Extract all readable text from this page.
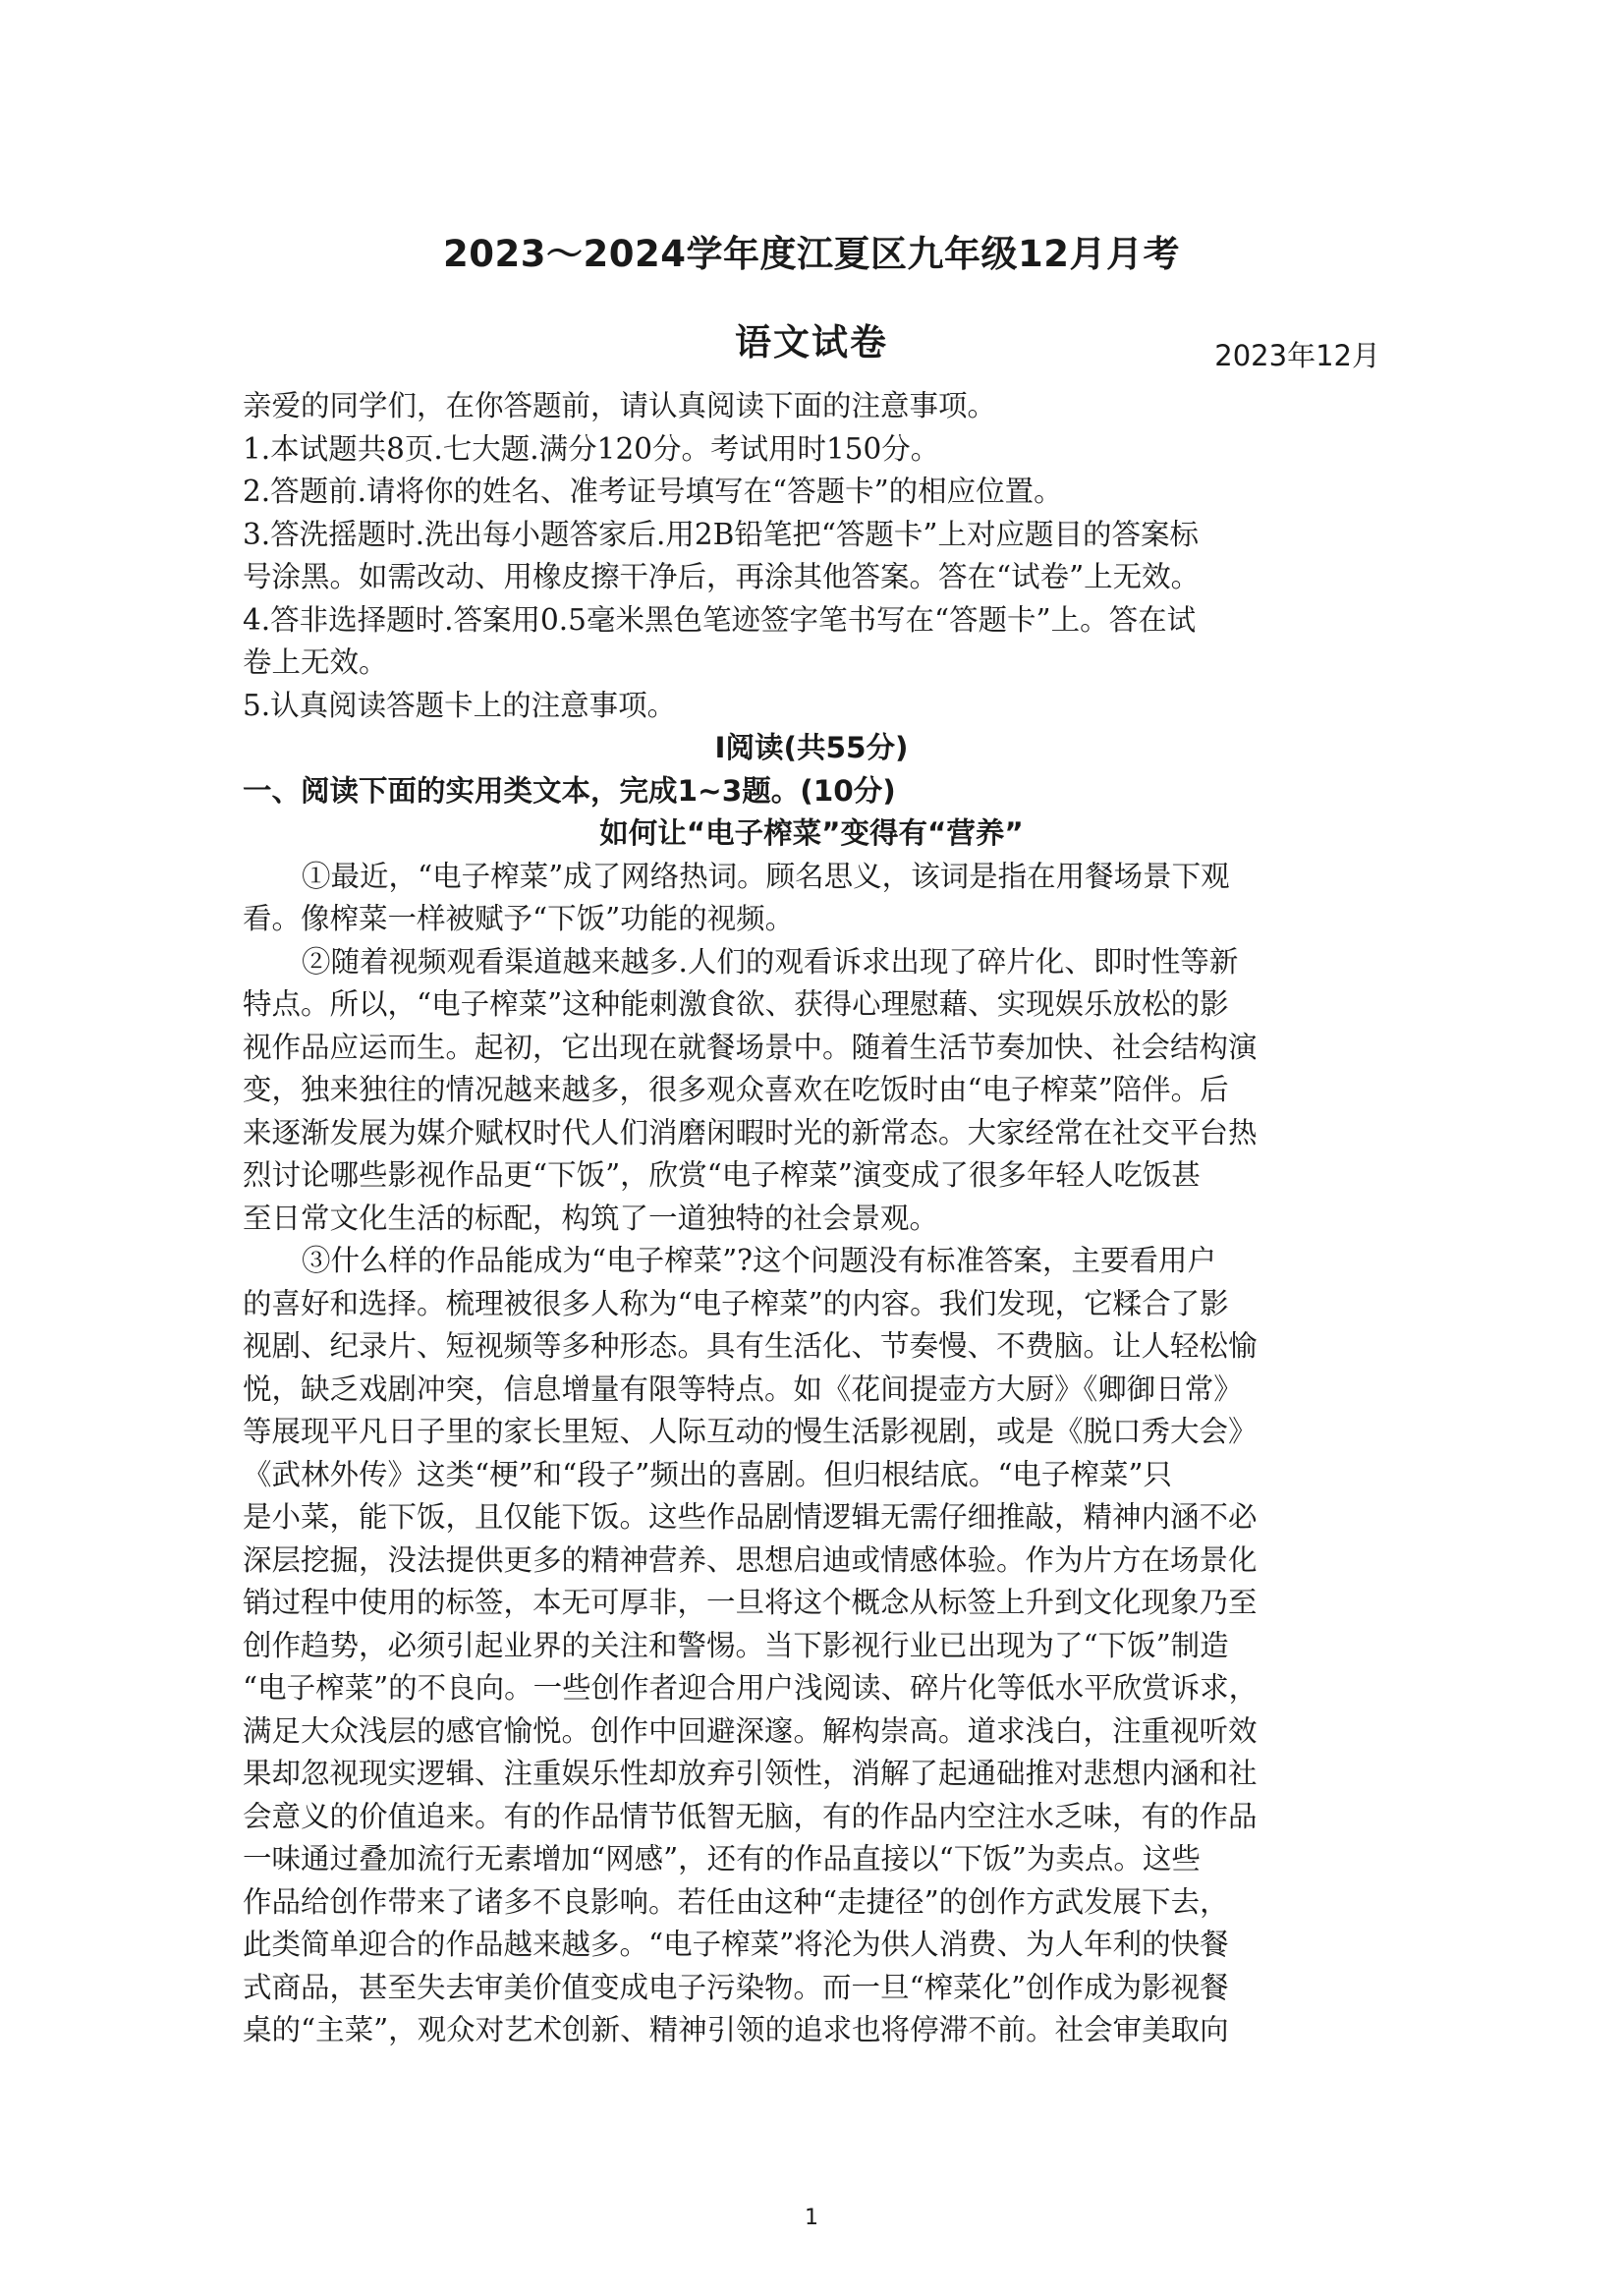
2023～2024学年度江夏区九年级12月月考
语文试卷	2023年12月
亲爱的同学们，在你答题前，请认真阅读下面的注意事项。
1.本试题共8页.七大题.满分120分。考试用时150分。
2.答题前.请将你的姓名、准考证号填写在“答题卡”的相应位置。
3.答洗摇题时.洗出每小题答家后.用2B铅笔把“答题卡”上对应题目的答案标
号涂黑。如需改动、用橡皮擦干净后，再涂其他答案。答在“试卷”上无效。
4.答非选择题时.答案用0.5毫米黑色笔迹签字笔书写在“答题卡”上。答在试
卷上无效。
5.认真阅读答题卡上的注意事项。
Ⅰ阅读(共55分)
一、阅读下面的实用类文本，完成1~3题。(10分)
如何让“电子榨菜”变得有“营养”
①最近，“电子榨菜”成了网络热词。顾名思义，该词是指在用餐场景下观
看。像榨菜一样被赋予“下饭”功能的视频。
②随着视频观看渠道越来越多.人们的观看诉求出现了碎片化、即时性等新
特点。所以，“电子榨菜”这种能刺激食欲、获得心理慰藉、实现娱乐放松的影
视作品应运而生。起初，它出现在就餐场景中。随着生活节奏加快、社会结构演
变，独来独往的情况越来越多，很多观众喜欢在吃饭时由“电子榨菜”陪伴。后
来逐渐发展为媒介赋权时代人们消磨闲暇时光的新常态。大家经常在社交平台热
烈讨论哪些影视作品更“下饭”，欣赏“电子榨菜”演变成了很多年轻人吃饭甚
至日常文化生活的标配，构筑了一道独特的社会景观。
③什么样的作品能成为“电子榨菜”?这个问题没有标准答案，主要看用户
的喜好和选择。梳理被很多人称为“电子榨菜”的内容。我们发现，它糅合了影
视剧、纪录片、短视频等多种形态。具有生活化、节奏慢、不费脑。让人轻松愉
悦，缺乏戏剧冲突，信息增量有限等特点。如《花间提壶方大厨》《卿御日常》
等展现平凡日子里的家长里短、人际互动的慢生活影视剧，或是《脱口秀大会》
《武林外传》这类“梗”和“段子”频出的喜剧。但归根结底。“电子榨菜”只
是小菜，能下饭，且仅能下饭。这些作品剧情逻辑无需仔细推敲，精神内涵不必
深层挖掘，没法提供更多的精神营养、思想启迪或情感体验。作为片方在场景化
销过程中使用的标签，本无可厚非，一旦将这个概念从标签上升到文化现象乃至
创作趋势，必须引起业界的关注和警惕。当下影视行业已出现为了“下饭”制造
“电子榨菜”的不良向。一些创作者迎合用户浅阅读、碎片化等低水平欣赏诉求，
满足大众浅层的感官愉悦。创作中回避深邃。解构崇高。道求浅白，注重视听效
果却忽视现实逻辑、注重娱乐性却放弃引领性，消解了起通础推对悲想内涵和社
会意义的价值追来。有的作品情节低智无脑，有的作品内空注水乏味，有的作品
一味通过叠加流行无素增加“网感”，还有的作品直接以“下饭”为卖点。这些
作品给创作带来了诸多不良影响。若任由这种“走捷径”的创作方武发展下去，
此类简单迎合的作品越来越多。“电子榨菜”将沦为供人消费、为人年利的快餐
式商品，甚至失去审美价值变成电子污染物。而一旦“榨菜化”创作成为影视餐
桌的“主菜”，观众对艺术创新、精神引领的追求也将停滞不前。社会审美取向
1
